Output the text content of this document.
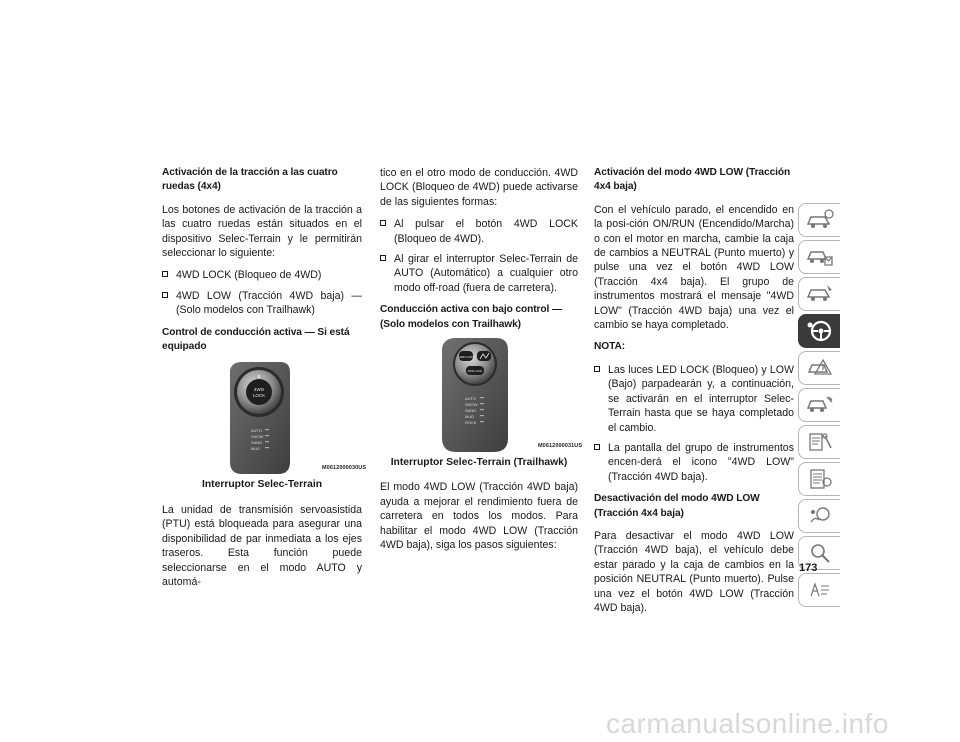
Activación de la tracción a las cuatro ruedas (4x4)

Los botones de activación de la tracción a las cuatro ruedas están situados en el dispositivo Selec-Terrain y le permitirán seleccionar lo siguiente:

4WD LOCK (Bloqueo de 4WD)
4WD LOW (Tracción 4WD baja) — (Solo modelos con Trailhawk)
Control de conducción activa — Si está equipado
4WD
LOCK
AUTO
SNOW
SAND
MUD
M0612000030US
Interruptor Selec-Terrain

La unidad de transmisión servoasistida (PTU) está bloqueada para asegurar una disponibilidad de par inmediata a los ejes traseros. Esta función puede seleccionarse en el modo AUTO y automá-

tico en el otro modo de conducción. 4WD LOCK (Bloqueo de 4WD) puede activarse de las siguientes formas:

Al pulsar el botón 4WD LOCK (Bloqueo de 4WD).
Al girar el interruptor Selec-Terrain de AUTO (Automático) a cualquier otro modo off-road (fuera de carretera).
Conducción activa con bajo control —
(Solo modelos con Trailhawk)
4WD LOW
4WD LOCK
AUTO
SNOW
SAND
MUD
ROCK
M0612000031US
Interruptor Selec-Terrain (Trailhawk)

El modo 4WD LOW (Tracción 4WD baja) ayuda a mejorar el rendimiento fuera de carretera en todos los modos. Para habilitar el modo 4WD LOW (Tracción 4WD baja), siga los pasos siguientes:

Activación del modo 4WD LOW (Tracción 4x4 baja)

Con el vehículo parado, el encendido en la posi-ción ON/RUN (Encendido/Marcha) o con el motor en marcha, cambie la caja de cambios a NEUTRAL (Punto muerto) y pulse una vez el botón 4WD LOW (Tracción 4x4 baja). El grupo de instrumentos mostrará el mensaje "4WD LOW" (Tracción 4WD baja) una vez el cambio se haya completado.

NOTA:
Las luces LED LOCK (Bloqueo) y LOW (Bajo) parpadearán y, a continuación, se activarán en el interruptor Selec-Terrain hasta que se haya completado el cambio.
La pantalla del grupo de instrumentos encen-derá el icono "4WD LOW" (Tracción 4WD baja).
Desactivación del modo 4WD LOW (Tracción 4x4 baja)

Para desactivar el modo 4WD LOW (Tracción 4WD baja), el vehículo debe estar parado y la caja de cambios en la posición NEUTRAL (Punto muerto). Pulse una vez el botón 4WD LOW (Tracción 4WD baja).

173
carmanualsonline.info
